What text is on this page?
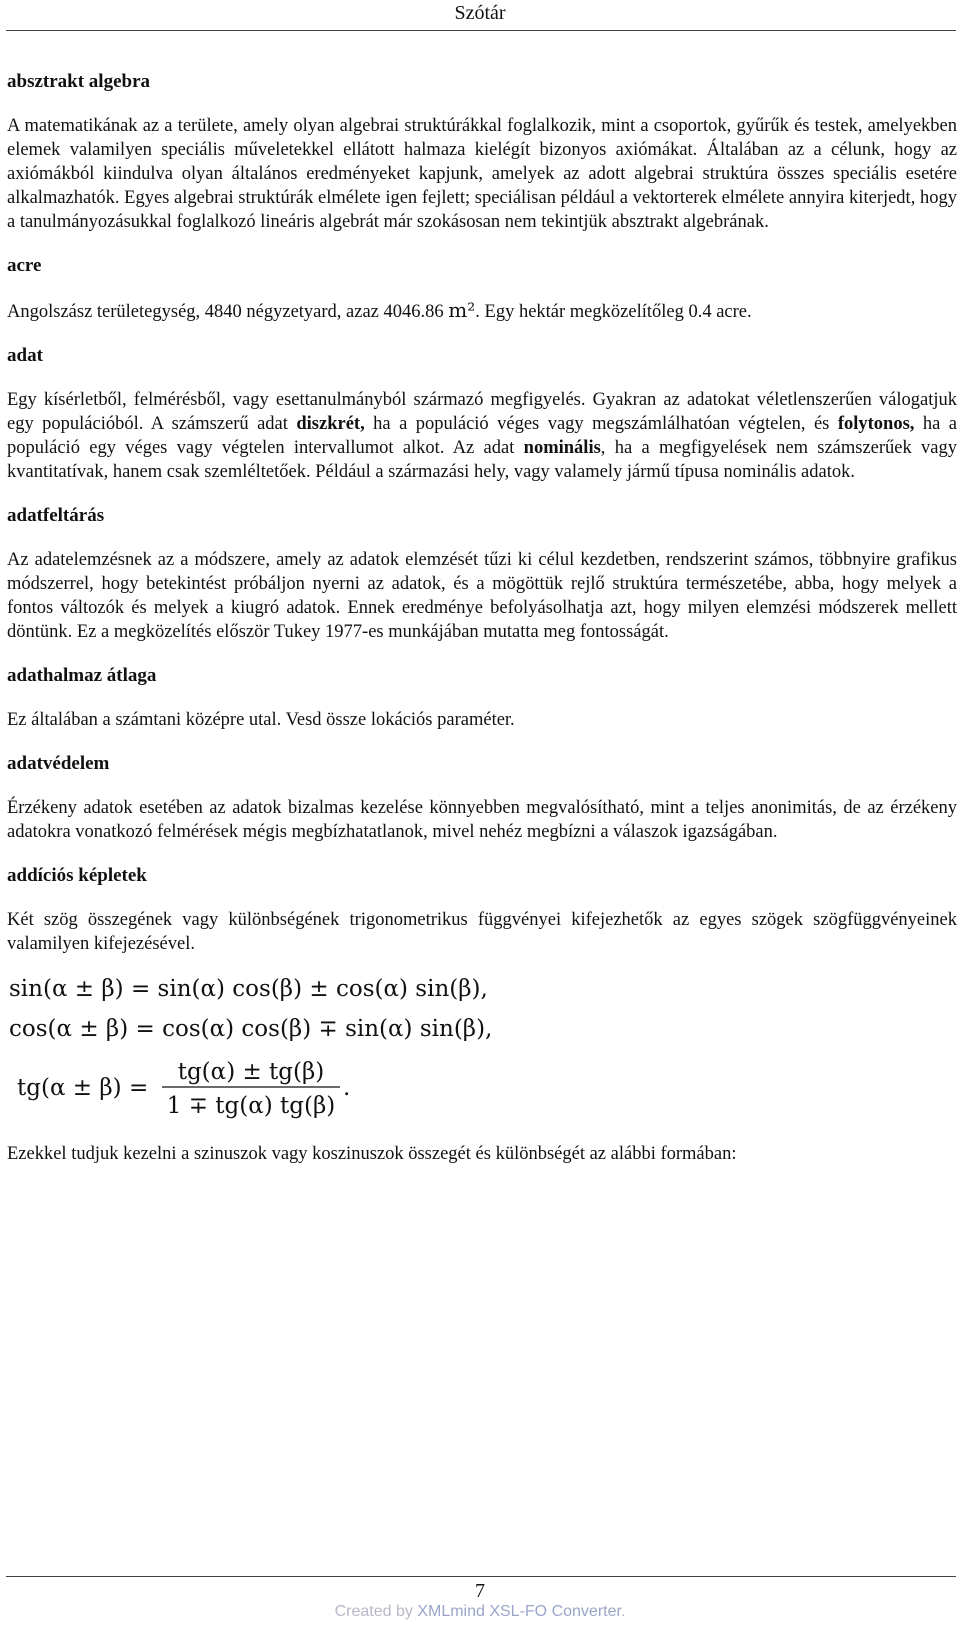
Szótár

absztrakt algebra

A matematikának az a területe, amely olyan algebrai struktúrákkal foglalkozik, mint a csoportok, gyűrűk és testek, amelyekben elemek valamilyen speciális műveletekkel ellátott halmaza kielégít bizonyos axiómákat. Általában az a célunk, hogy az axiómákból kiindulva olyan általános eredményeket kapjunk, amelyek az adott algebrai struktúra összes speciális esetére alkalmazhatók. Egyes algebrai struktúrák elmélete igen fejlett; speciálisan például a vektorterek elmélete annyira kiterjedt, hogy a tanulmányozásukkal foglalkozó lineáris algebrát már szokásosan nem tekintjük absztrakt algebrának.

acre

Angolszász területegység, 4840 négyzetyard, azaz 4046.86 m². Egy hektár megközelítőleg 0.4 acre.

adat

Egy kísérletből, felmérésből, vagy esettanulmányból származó megfigyelés. Gyakran az adatokat véletlenszerűen válogatjuk egy populációból. A számszerű adat diszkrét, ha a populáció véges vagy megszámlálhatóan végtelen, és folytonos, ha a populáció egy véges vagy végtelen intervallumot alkot. Az adat nominális, ha a megfigyelések nem számszerűek vagy kvantitatívak, hanem csak szemléltetőek. Például a származási hely, vagy valamely jármű típusa nominális adatok.

adatfeltárás

Az adatelemzésnek az a módszere, amely az adatok elemzését tűzi ki célul kezdetben, rendszerint számos, többnyire grafikus módszerrel, hogy betekintést próbáljon nyerni az adatok, és a mögöttük rejlő struktúra természetébe, abba, hogy melyek a fontos változók és melyek a kiugró adatok. Ennek eredménye befolyásolhatja azt, hogy milyen elemzési módszerek mellett döntünk. Ez a megközelítés először Tukey 1977-es munkájában mutatta meg fontosságát.

adathalmaz átlaga

Ez általában a számtani középre utal. Vesd össze lokációs paraméter.

adatvédelem

Érzékeny adatok esetében az adatok bizalmas kezelése könnyebben megvalósítható, mint a teljes anonimitás, de az érzékeny adatokra vonatkozó felmérések mégis megbízhatatlanok, mivel nehéz megbízni a válaszok igazságában.

addíciós képletek

Két szög összegének vagy különbségének trigonometrikus függvényei kifejezhetők az egyes szögek szögfüggvényeinek valamilyen kifejezésével.

sin(α ± β) = sin(α) cos(β) ± cos(α) sin(β),
cos(α ± β) = cos(α) cos(β) ∓ sin(α) sin(β),
tg(α ± β) =
tg(α) ± tg(β)
1 ∓ tg(α) tg(β)
.

Ezekkel tudjuk kezelni a szinuszok vagy koszinuszok összegét és különbségét az alábbi formában:

7
Created by XMLmind XSL-FO Converter.
